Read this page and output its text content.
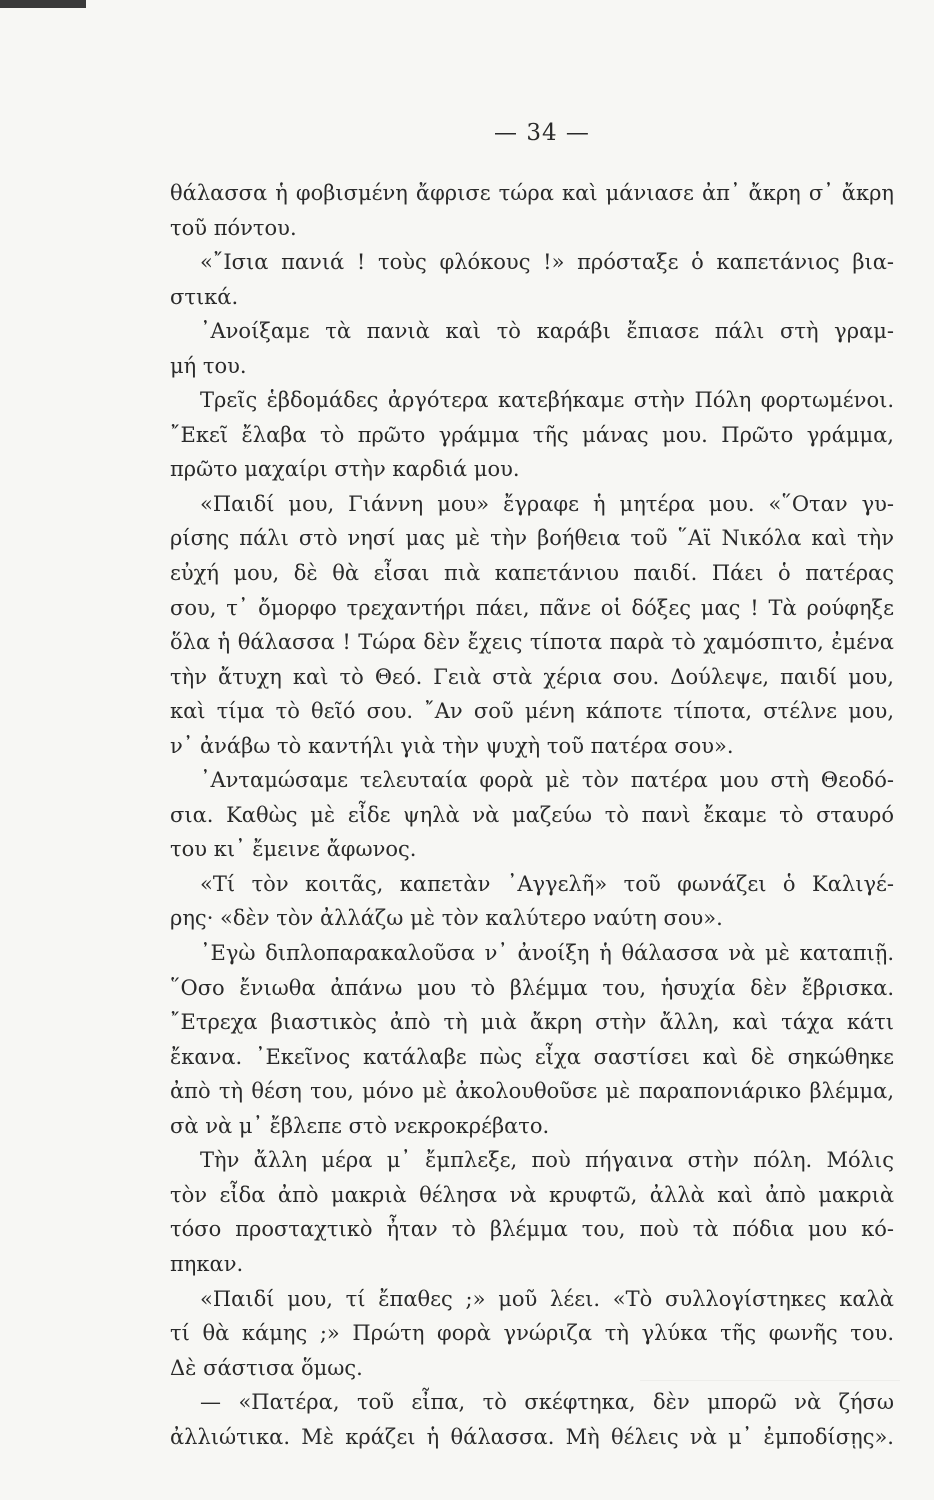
— 34 —
θάλασσα ἡ φοβισμένη ἄφρισε τώρα καὶ μάνιασε ἀπ᾽ ἄκρη σ᾽ ἄκρη
τοῦ πόντου.
«῎Ισια πανιά ! τοὺς φλόκους !» πρόσταξε ὁ καπετάνιος βια-
στικά.
᾽Ανοίξαμε τὰ πανιὰ καὶ τὸ καράβι ἔπιασε πάλι στὴ γραμ-
μή του.
Τρεῖς ἑβδομάδες ἀργότερα κατεβήκαμε στὴν Πόλη φορτωμένοι.
῎Εκεῖ ἔλαβα τὸ πρῶτο γράμμα τῆς μάνας μου. Πρῶτο γράμμα,
πρῶτο μαχαίρι στὴν καρδιά μου.
«Παιδί μου, Γιάννη μου» ἔγραφε ἡ μητέρα μου. «῞Οταν γυ-
ρίσης πάλι στὸ νησί μας μὲ τὴν βοήθεια τοῦ ῞Αϊ Νικόλα καὶ τὴν
εὐχή μου, δὲ θὰ εἶσαι πιὰ καπετάνιου παιδί. Πάει ὁ πατέρας
σου, τ᾽ ὄμορφο τρεχαντήρι πάει, πᾶνε οἱ δόξες μας ! Τὰ ρούφηξε
ὅλα ἡ θάλασσα ! Τώρα δὲν ἔχεις τίποτα παρὰ τὸ χαμόσπιτο, ἐμένα
τὴν ἄτυχη καὶ τὸ Θεό. Γειὰ στὰ χέρια σου. Δούλεψε, παιδί μου,
καὶ τίμα τὸ θεῖό σου. ῎Αν σοῦ μένη κάποτε τίποτα, στέλνε μου,
ν᾽ ἀνάβω τὸ καντήλι γιὰ τὴν ψυχὴ τοῦ πατέρα σου».
᾽Ανταμώσαμε τελευταία φορὰ μὲ τὸν πατέρα μου στὴ Θεοδό-
σια. Καθὼς μὲ εἶδε ψηλὰ νὰ μαζεύω τὸ πανὶ ἔκαμε τὸ σταυρό
του κι᾽ ἔμεινε ἄφωνος.
«Τί τὸν κοιτᾶς, καπετὰν ᾽Αγγελῆ» τοῦ φωνάζει ὁ Καλιγέ-
ρης· «δὲν τὸν ἀλλάζω μὲ τὸν καλύτερο ναύτη σου».
᾽Εγὼ διπλοπαρακαλοῦσα ν᾽ ἀνοίξη ἡ θάλασσα νὰ μὲ καταπιῇ.
῞Οσο ἔνιωθα ἀπάνω μου τὸ βλέμμα του, ἡσυχία δὲν ἔβρισκα.
῎Ετρεχα βιαστικὸς ἀπὸ τὴ μιὰ ἄκρη στὴν ἄλλη, καὶ τάχα κάτι
ἔκανα. ᾽Εκεῖνος κατάλαβε πὼς εἶχα σαστίσει καὶ δὲ σηκώθηκε
ἀπὸ τὴ θέση του, μόνο μὲ ἀκολουθοῦσε μὲ παραπονιάρικο βλέμμα,
σὰ νὰ μ᾽ ἔβλεπε στὸ νεκροκρέβατο.
Τὴν ἄλλη μέρα μ᾽ ἔμπλεξε, ποὺ πήγαινα στὴν πόλη. Μόλις
τὸν εἶδα ἀπὸ μακριὰ θέλησα νὰ κρυφτῶ, ἀλλὰ καὶ ἀπὸ μακριὰ
τόσο προσταχτικὸ ἦταν τὸ βλέμμα του, ποὺ τὰ πόδια μου κό-
πηκαν.
«Παιδί μου, τί ἔπαθες ;» μοῦ λέει. «Τὸ συλλογίστηκες καλὰ
τί θὰ κάμης ;» Πρώτη φορὰ γνώριζα τὴ γλύκα τῆς φωνῆς του.
Δὲ σάστισα ὅμως.
— «Πατέρα, τοῦ εἶπα, τὸ σκέφτηκα, δὲν μπορῶ νὰ ζήσω
ἀλλιώτικα. Μὲ κράζει ἡ θάλασσα. Μὴ θέλεις νὰ μ᾽ ἐμποδίσῃς».
